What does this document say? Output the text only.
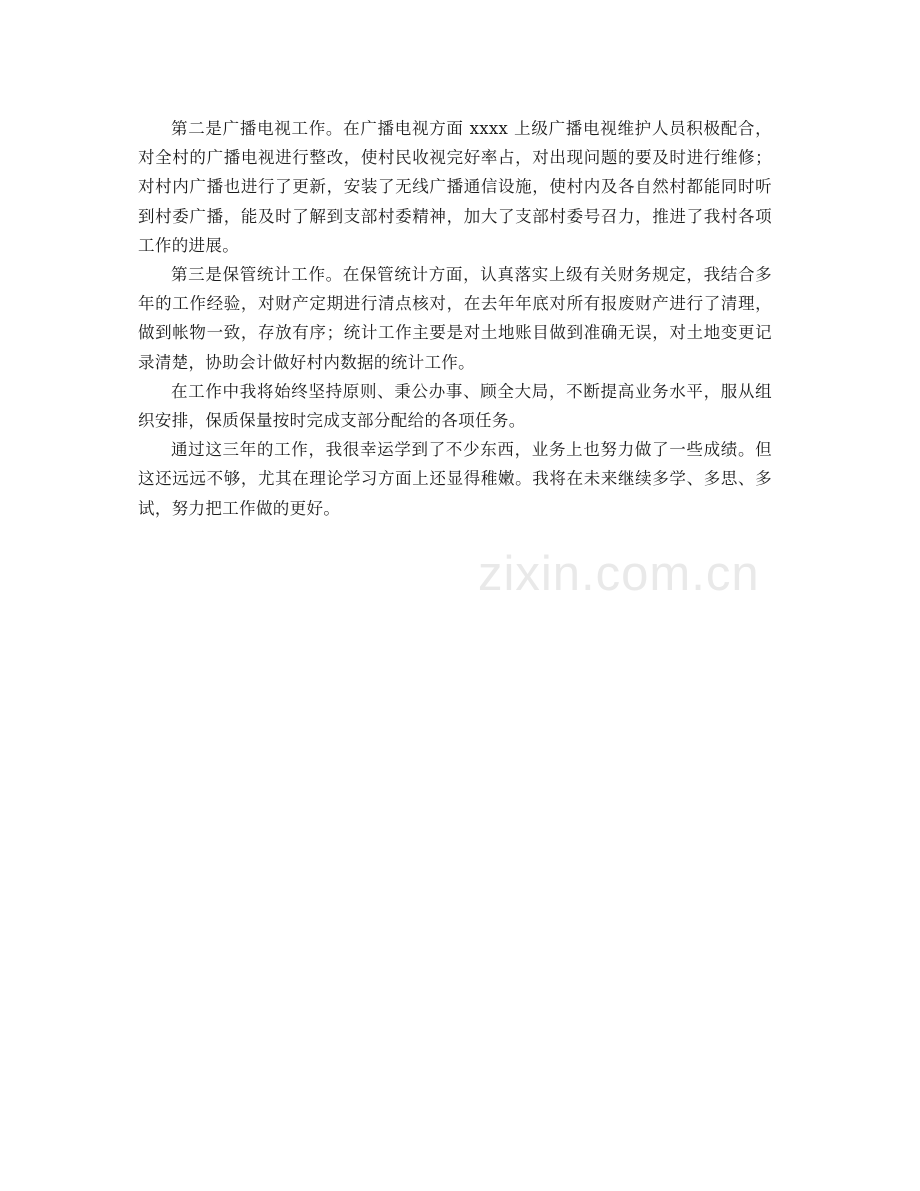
zixin.com.cn

第二是广播电视工作。在广播电视方面 xxxx 上级广播电视维护人员积极配合，对全村的广播电视进行整改，使村民收视完好率占，对出现问题的要及时进行维修；对村内广播也进行了更新，安装了无线广播通信设施，使村内及各自然村都能同时听到村委广播，能及时了解到支部村委精神，加大了支部村委号召力，推进了我村各项工作的进展。

第三是保管统计工作。在保管统计方面，认真落实上级有关财务规定，我结合多年的工作经验，对财产定期进行清点核对，在去年年底对所有报废财产进行了清理，做到帐物一致，存放有序；统计工作主要是对土地账目做到准确无误，对土地变更记录清楚，协助会计做好村内数据的统计工作。

在工作中我将始终坚持原则、秉公办事、顾全大局，不断提高业务水平，服从组织安排，保质保量按时完成支部分配给的各项任务。

通过这三年的工作，我很幸运学到了不少东西，业务上也努力做了一些成绩。但这还远远不够，尤其在理论学习方面上还显得稚嫩。我将在未来继续多学、多思、多试，努力把工作做的更好。
